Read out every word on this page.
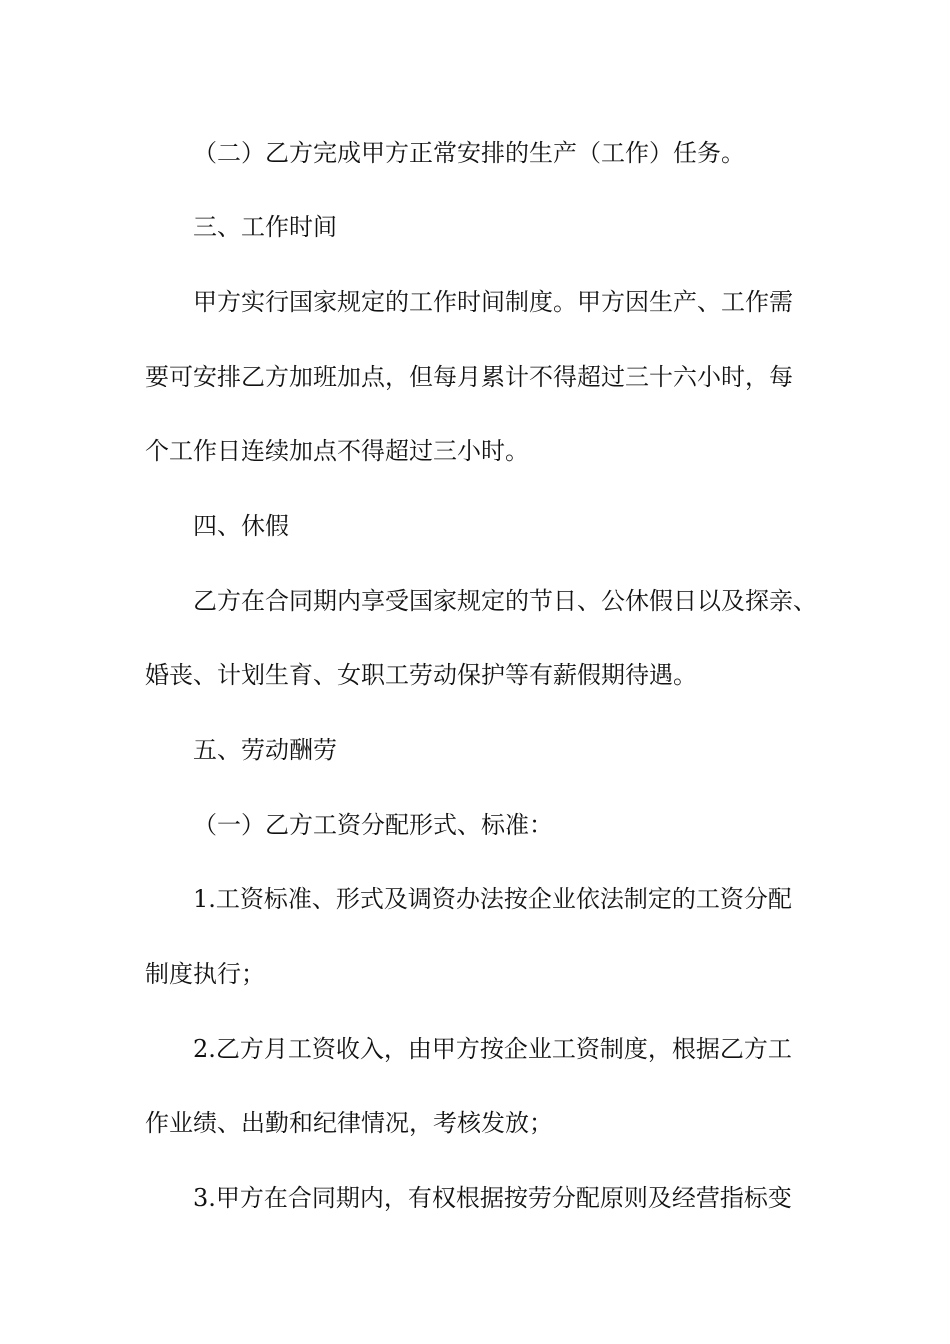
（二）乙方完成甲方正常安排的生产（工作）任务。
三、工作时间
甲方实行国家规定的工作时间制度。甲方因生产、工作需
要可安排乙方加班加点，但每月累计不得超过三十六小时，每
个工作日连续加点不得超过三小时。
四、休假
乙方在合同期内享受国家规定的节日、公休假日以及探亲、
婚丧、计划生育、女职工劳动保护等有薪假期待遇。
五、劳动酬劳
（一）乙方工资分配形式、标准：
1.工资标准、形式及调资办法按企业依法制定的工资分配
制度执行；
2.乙方月工资收入，由甲方按企业工资制度，根据乙方工
作业绩、出勤和纪律情况，考核发放；
3.甲方在合同期内，有权根据按劳分配原则及经营指标变
